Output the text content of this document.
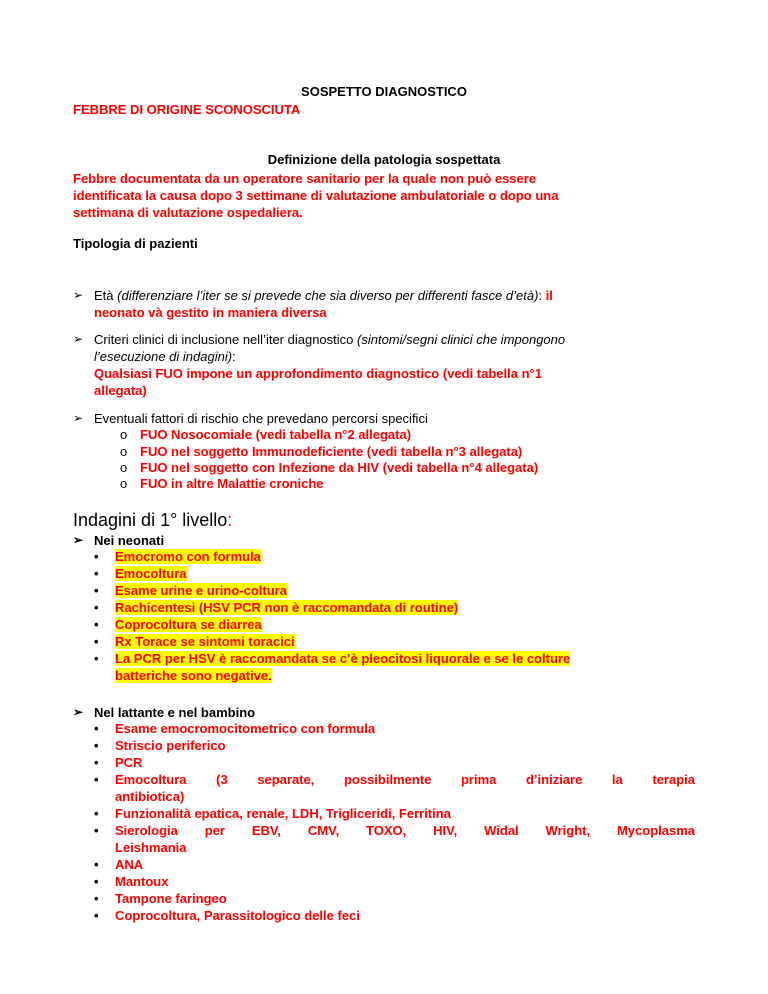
SOSPETTO DIAGNOSTICO
FEBBRE DI ORIGINE SCONOSCIUTA
Definizione della patologia sospettata
Febbre documentata da un operatore sanitario per la quale non può essere
identificata la causa dopo 3 settimane di valutazione ambulatoriale o dopo una
settimana di valutazione ospedaliera.
Tipologia di pazienti
➢ Età (differenziare l’iter se si prevede che sia diverso per differenti fasce d’età): il
neonato và gestito in maniera diversa
➢ Criteri clinici di inclusione nell’iter diagnostico (sintomi/segni clinici che impongono
l’esecuzione di indagini):
Qualsiasi FUO impone un approfondimento diagnostico (vedi tabella n°1
allegata)
➢ Eventuali fattori di rischio che prevedano percorsi specifici
o FUO Nosocomiale (vedi tabella n°2 allegata)
o FUO nel soggetto Immunodeficiente (vedi tabella n°3 allegata)
o FUO nel soggetto con Infezione da HIV (vedi tabella n°4 allegata)
o FUO in altre Malattie croniche
Indagini di 1° livello:
➢ Nei neonati
• Emocromo con formula
• Emocoltura
• Esame urine e urino-coltura
• Rachicentesi (HSV PCR non è raccomandata di routine)
• Coprocoltura se diarrea
• Rx Torace se sintomi toracici
• La PCR per HSV è raccomandata se c’è pleocitosi liquorale e se le colture
batteriche sono negative.
➢ Nel lattante e nel bambino
• Esame emocromocitometrico con formula
• Striscio periferico
• PCR
• Emocoltura (3 separate, possibilmente prima d’iniziare la terapia
antibiotica)
• Funzionalità epatica, renale, LDH, Trigliceridi, Ferritina
• Sierologia per EBV, CMV, TOXO, HIV, Widal Wright, Mycoplasma
Leishmania
• ANA
• Mantoux
• Tampone faringeo
• Coprocoltura, Parassitologico delle feci
